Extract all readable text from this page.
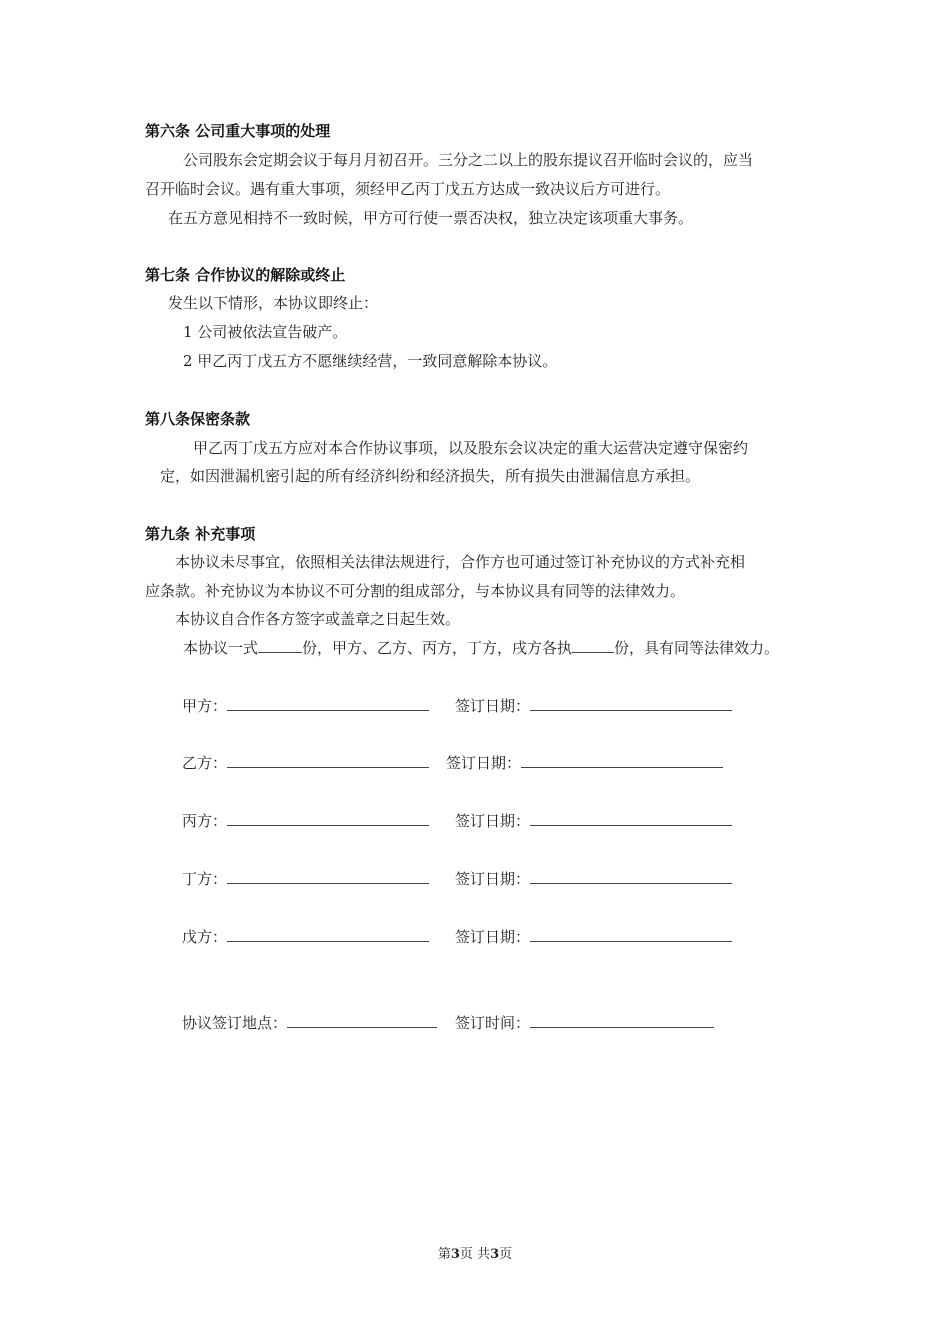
第六条 公司重大事项的处理
公司股东会定期会议于每月月初召开。三分之二以上的股东提议召开临时会议的，应当
召开临时会议。遇有重大事项，须经甲乙丙丁戊五方达成一致决议后方可进行。
在五方意见相持不一致时候，甲方可行使一票否决权，独立决定该项重大事务。
第七条 合作协议的解除或终止
发生以下情形，本协议即终止：
1 公司被依法宣告破产。
2 甲乙丙丁戊五方不愿继续经营，一致同意解除本协议。
第八条保密条款
甲乙丙丁戊五方应对本合作协议事项，以及股东会议决定的重大运营决定遵守保密约
定，如因泄漏机密引起的所有经济纠纷和经济损失，所有损失由泄漏信息方承担。
第九条 补充事项
本协议未尽事宜，依照相关法律法规进行，合作方也可通过签订补充协议的方式补充相
应条款。补充协议为本协议不可分割的组成部分，与本协议具有同等的法律效力。
本协议自合作各方签字或盖章之日起生效。
本协议一式	份，甲方、乙方、丙方，丁方，戌方各执	份，具有同等法律效力。
甲方：	签订日期：
乙方：	签订日期：
丙方：	签订日期：
丁方：	签订日期：
戊方：	签订日期：
协议签订地点：	签订时间：
第3页 共3页
